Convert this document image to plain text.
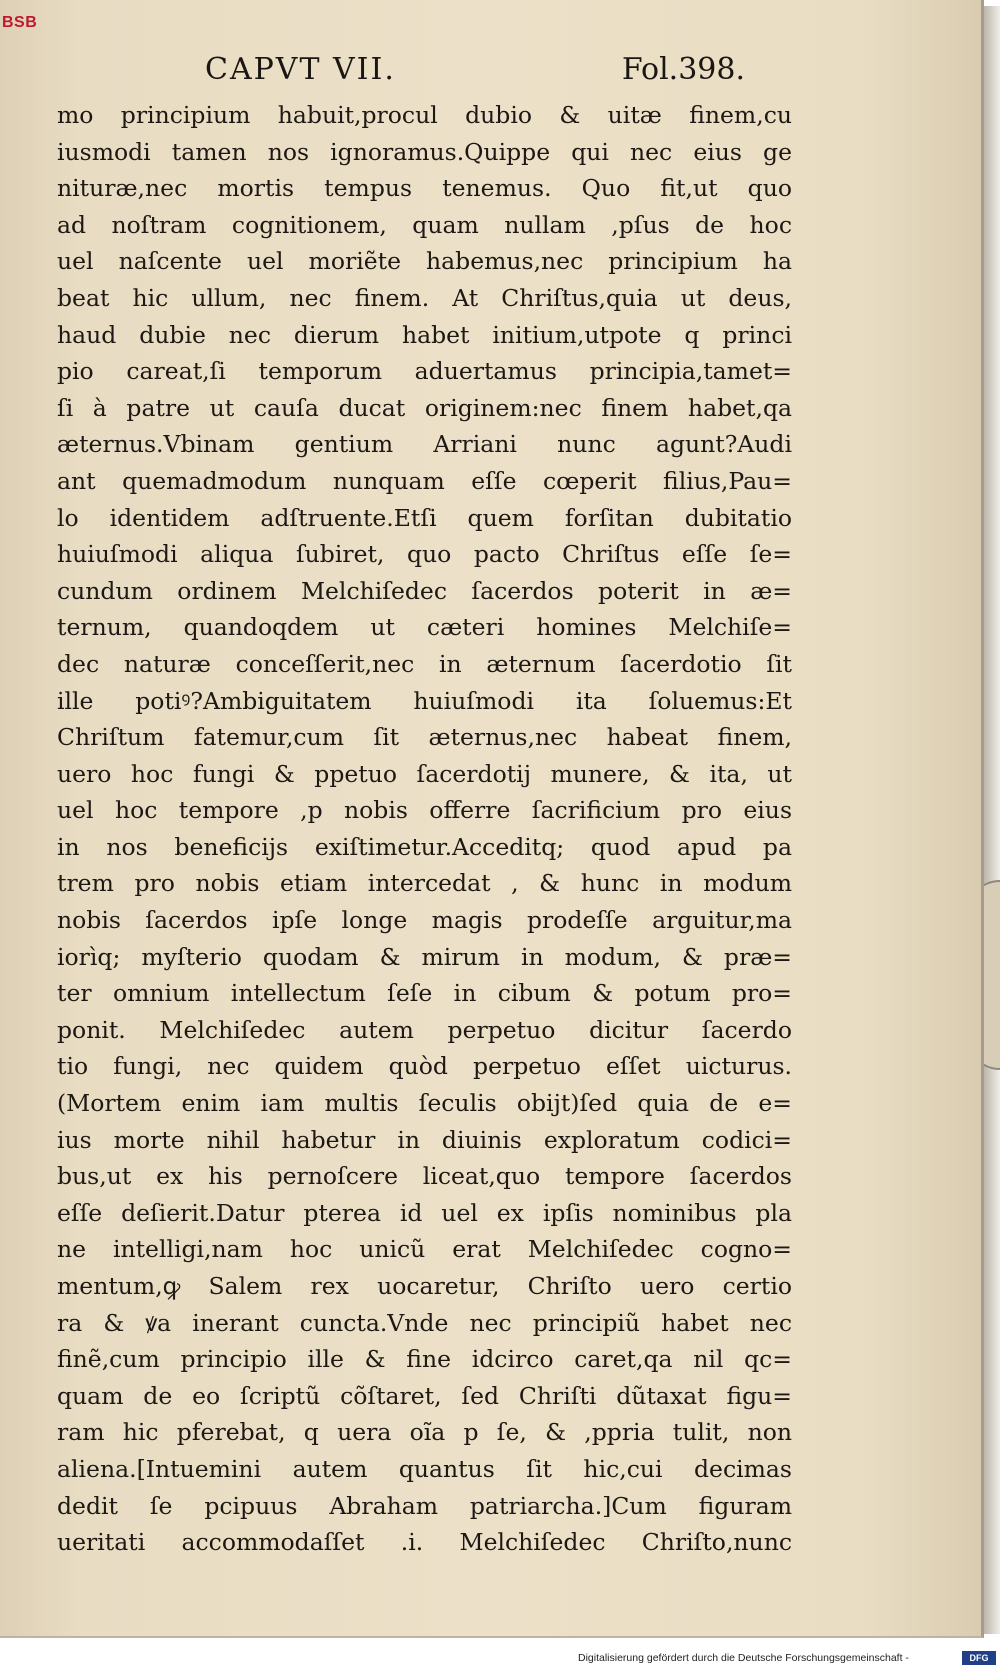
BSB
CAPVT VII.	Fol.398.
mo principium habuit,procul dubio & uitæ finem,cu
iusmodi tamen nos ignoramus.Quippe qui nec eius ge
nituræ,nec mortis tempus tenemus. Quo fit,ut quo
ad noſtram cognitionem, quam nullam ,pſus de hoc
uel naſcente uel moriẽte habemus,nec principium ha
beat hic ullum, nec finem. At Chriſtus,quia ut deus,
haud dubie nec dierum habet initium,utpote q princi
pio careat,ſi temporum aduertamus principia,tamet=
ſi à patre ut cauſa ducat originem:nec finem habet,qa
æternus.Vbinam gentium Arriani nunc agunt?Audi
ant quemadmodum nunquam eſſe cœperit filius,Pau=
lo identidem adſtruente.Etſi quem forſitan dubitatio
huiuſmodi aliqua ſubiret, quo pacto Chriſtus eſſe ſe=
cundum ordinem Melchiſedec ſacerdos poterit in æ=
ternum, quandoqdem ut cæteri homines Melchiſe=
dec naturæ conceſſerit,nec in æternum ſacerdotio ſit
ille potiꝰ?Ambiguitatem huiuſmodi ita ſoluemus:Et
Chriſtum fatemur,cum ſit æternus,nec habeat finem,
uero hoc fungi & ppetuo ſacerdotij munere, & ita, ut
uel hoc tempore ,p nobis offerre ſacrificium pro eius
in nos beneficijs exiſtimetur.Acceditq; quod apud pa
trem pro nobis etiam intercedat , & hunc in modum
nobis ſacerdos ipſe longe magis prodeſſe arguitur,ma
iorìq; myſterio quodam & mirum in modum, & præ=
ter omnium intellectum ſeſe in cibum & potum pro=
ponit. Melchiſedec autem perpetuo dicitur ſacerdo
tio fungi, nec quidem quòd perpetuo eſſet uicturus.
(Mortem enim iam multis ſeculis obijt)ſed quia de e=
ius morte nihil habetur in diuinis exploratum codici=
bus,ut ex his pernoſcere liceat,quo tempore ſacerdos
eſſe deſierit.Datur pterea id uel ex ipſis nominibus pla
ne intelligi,nam hoc unicũ erat Melchiſedec cogno=
mentum,ꝙ Salem rex uocaretur, Chriſto uero certio
ra & ꝟa inerant cuncta.Vnde nec principiũ habet nec
finẽ,cum principio ille & fine idcirco caret,qa nil qc=
quam de eo ſcriptũ cõſtaret, ſed Chriſti dũtaxat figu=
ram hic pferebat, q uera oĩa p ſe, & ,ppria tulit, non
aliena.[Intuemini autem quantus ſit hic,cui decimas
dedit ſe pcipuus Abraham patriarcha.]Cum figuram
ueritati accommodaſſet .i. Melchiſedec Chriſto,nunc
Digitalisierung gefördert durch die Deutsche Forschungsgemeinschaft -	DFG
